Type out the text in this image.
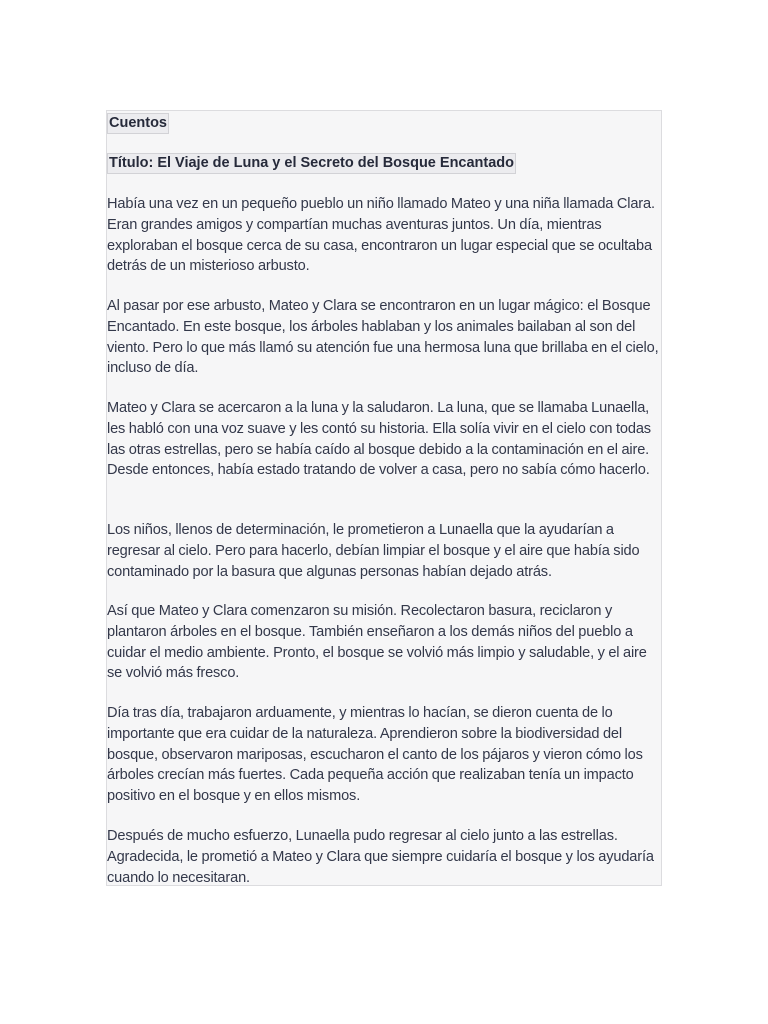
Cuentos
Título: El Viaje de Luna y el Secreto del Bosque Encantado

Había una vez en un pequeño pueblo un niño llamado Mateo y una niña llamada Clara. Eran grandes amigos y compartían muchas aventuras juntos. Un día, mientras exploraban el bosque cerca de su casa, encontraron un lugar especial que se ocultaba detrás de un misterioso arbusto.

Al pasar por ese arbusto, Mateo y Clara se encontraron en un lugar mágico: el Bosque Encantado. En este bosque, los árboles hablaban y los animales bailaban al son del viento. Pero lo que más llamó su atención fue una hermosa luna que brillaba en el cielo, incluso de día.

Mateo y Clara se acercaron a la luna y la saludaron. La luna, que se llamaba Lunaella, les habló con una voz suave y les contó su historia. Ella solía vivir en el cielo con todas las otras estrellas, pero se había caído al bosque debido a la contaminación en el aire. Desde entonces, había estado tratando de volver a casa, pero no sabía cómo hacerlo.

Los niños, llenos de determinación, le prometieron a Lunaella que la ayudarían a regresar al cielo. Pero para hacerlo, debían limpiar el bosque y el aire que había sido contaminado por la basura que algunas personas habían dejado atrás.

Así que Mateo y Clara comenzaron su misión. Recolectaron basura, reciclaron y plantaron árboles en el bosque. También enseñaron a los demás niños del pueblo a cuidar el medio ambiente. Pronto, el bosque se volvió más limpio y saludable, y el aire se volvió más fresco.

Día tras día, trabajaron arduamente, y mientras lo hacían, se dieron cuenta de lo importante que era cuidar de la naturaleza. Aprendieron sobre la biodiversidad del bosque, observaron mariposas, escucharon el canto de los pájaros y vieron cómo los árboles crecían más fuertes. Cada pequeña acción que realizaban tenía un impacto positivo en el bosque y en ellos mismos.

Después de mucho esfuerzo, Lunaella pudo regresar al cielo junto a las estrellas. Agradecida, le prometió a Mateo y Clara que siempre cuidaría el bosque y los ayudaría cuando lo necesitaran.
